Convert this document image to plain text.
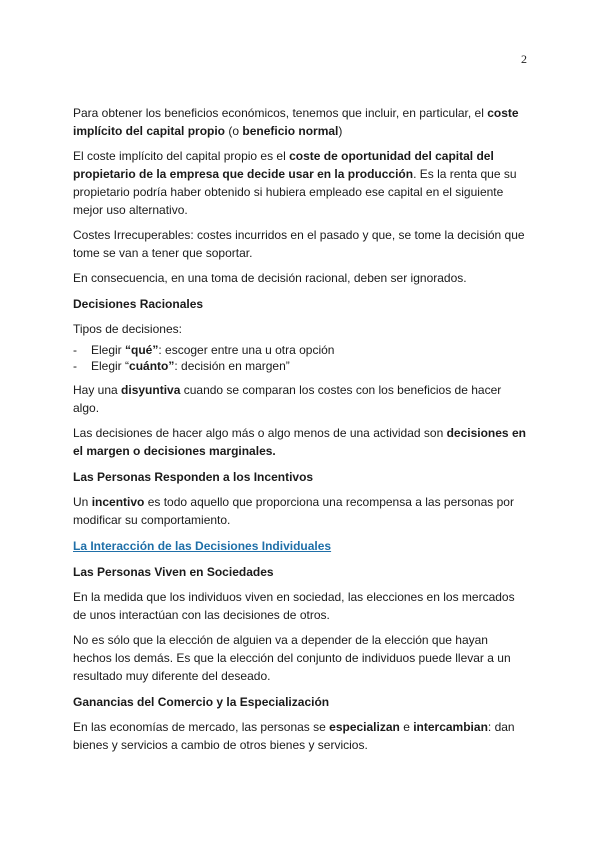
2

Para obtener los beneficios económicos, tenemos que incluir, en particular, el coste implícito del capital propio (o beneficio normal)

El coste implícito del capital propio es el coste de oportunidad del capital del propietario de la empresa que decide usar en la producción. Es la renta que su propietario podría haber obtenido si hubiera empleado ese capital en el siguiente mejor uso alternativo.

Costes Irrecuperables: costes incurridos en el pasado y que, se tome la decisión que tome se van a tener que soportar.

En consecuencia, en una toma de decisión racional, deben ser ignorados.

Decisiones Racionales

Tipos de decisiones:

- Elegir “qué”: escoger entre una u otra opción
- Elegir “cuánto”: decisión en margen”

Hay una disyuntiva cuando se comparan los costes con los beneficios de hacer algo.

Las decisiones de hacer algo más o algo menos de una actividad son decisiones en el margen o decisiones marginales.

Las Personas Responden a los Incentivos

Un incentivo es todo aquello que proporciona una recompensa a las personas por modificar su comportamiento.

La Interacción de las Decisiones Individuales
Las Personas Viven en Sociedades

En la medida que los individuos viven en sociedad, las elecciones en los mercados de unos interactúan con las decisiones de otros.

No es sólo que la elección de alguien va a depender de la elección que hayan hechos los demás. Es que la elección del conjunto de individuos puede llevar a un resultado muy diferente del deseado.

Ganancias del Comercio y la Especialización

En las economías de mercado, las personas se especializan e intercambian: dan bienes y servicios a cambio de otros bienes y servicios.
